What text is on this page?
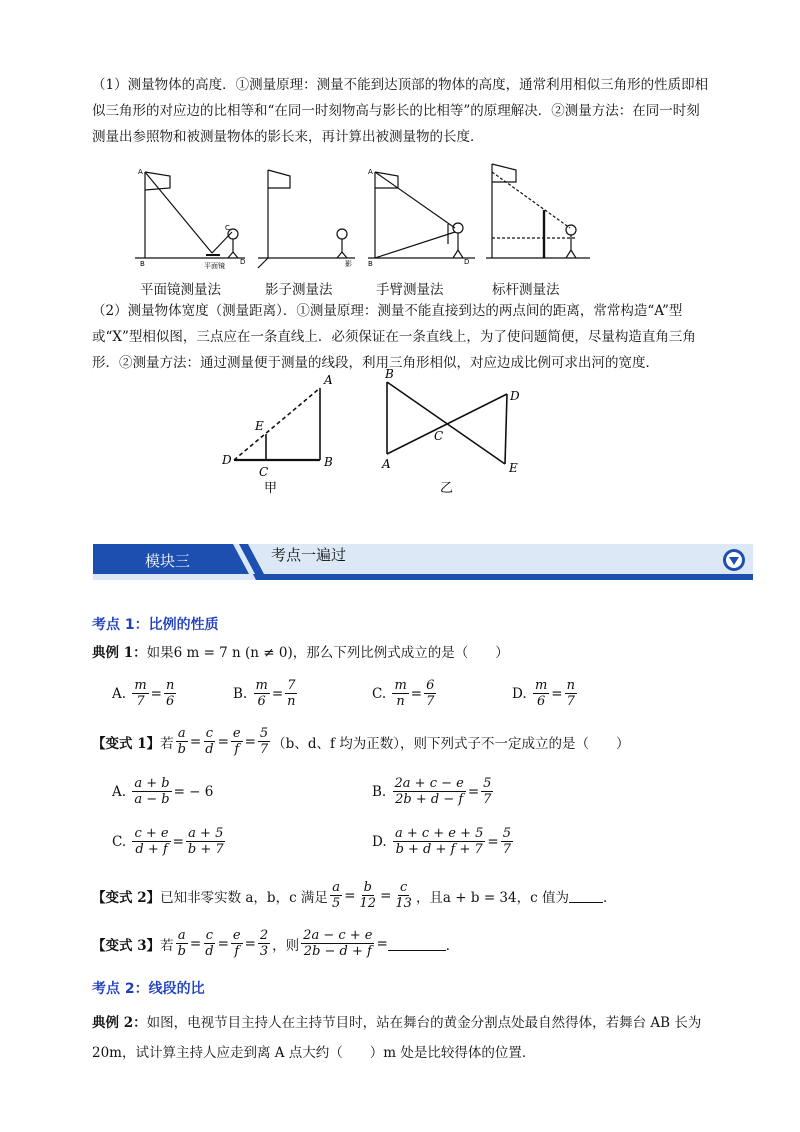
（1）测量物体的高度．①测量原理：测量不能到达顶部的物体的高度，通常利用相似三角形的性质即相似三角形的对应边的比相等和“在同一时刻物高与影长的比相等”的原理解决．②测量方法：在同一时刻测量出参照物和被测量物体的影长来，再计算出被测量物的长度．
A
B
C
D
平面镜	影
A
B	D
平面镜测量法	影子测量法	手臂测量法	标杆测量法
（2）测量物体宽度（测量距离）．①测量原理：测量不能直接到达的两点间的距离，常常构造“A”型或“X”型相似图，三点应在一条直线上．必须保证在一条直线上，为了使问题简便，尽量构造直角三角形．②测量方法：通过测量便于测量的线段，利用三角形相似，对应边成比例可求出河的宽度．
A
E
D
C
B
甲
B
A
C
D
E
乙
模块三	考点一遍过
考点 1：比例的性质
典例 1： 如果6 m = 7 n (n ≠ 0)，那么下列比例式成立的是（　　）
A.
$\frac{m}{7} = \frac{n}{6}$	B.
$\frac{m}{6} = \frac{7}{n}$	C.
$\frac{m}{n} = \frac{6}{7}$	D.
$\frac{m}{6} = \frac{n}{7}$
【变式 1】 若 $\frac{a}{b} = \frac{c}{d} = \frac{e}{f} = \frac{5}{7} (b$、d、f 均为正数），则下列式子不一定成立的是（　　）
A.
$\frac{a + b}{a - b}$ = − 6	B.
$\frac{2a + c - e}{2b + d - f} = \frac{5}{7}$
C.
$\frac{c + e}{d + f} = \frac{a + 5}{b + 7}$	D.
$\frac{a + c + e + 5}{b + d + f + 7} = \frac{5}{7}$
【变式 2】 已知非零实数 a，b，c 满足 $\frac{a}{5} = \frac{b}{12} = \frac{c}{13}$ ，且a + b = 34，c 值为	．
【变式 3】 若 $\frac{a}{b} = \frac{c}{d} = \frac{e}{f} = \frac{2}{3}$ ，则 $\frac{2a - c + e}{2b - d + f}$ =	．
考点 2：线段的比
典例 2：如图，电视节目主持人在主持节目时，站在舞台的黄金分割点处最自然得体，若舞台 AB 长为 20m，试计算主持人应走到离 A 点大约（　　）m 处是比较得体的位置．
